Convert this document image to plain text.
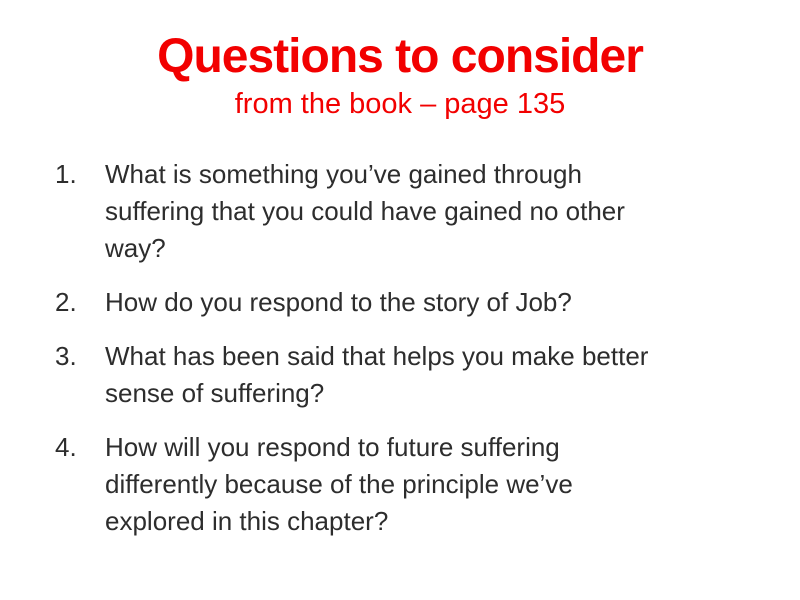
Questions to consider
from the book – page 135
1. What is something you’ve gained through suffering that you could have gained no other way?
2. How do you respond to the story of Job?
3. What has been said that helps you make better sense of suffering?
4. How will you respond to future suffering differently because of the principle we’ve explored in this chapter?
